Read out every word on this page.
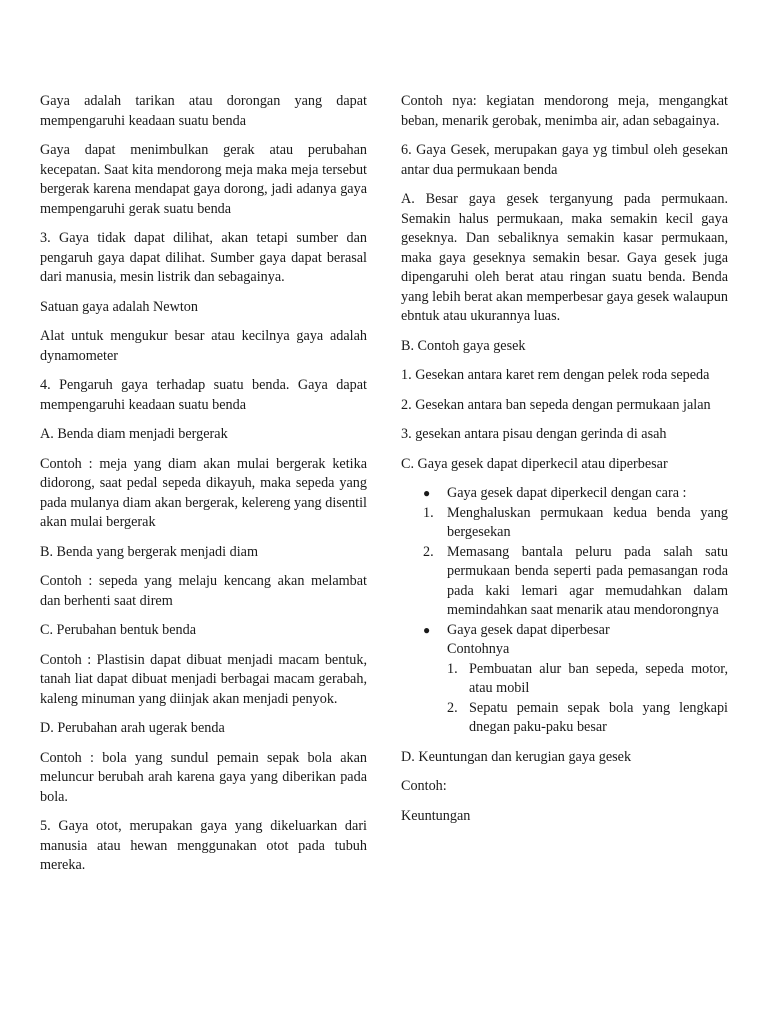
Gaya adalah tarikan atau dorongan yang dapat mempengaruhi keadaan suatu benda

Gaya dapat menimbulkan gerak atau perubahan kecepatan. Saat kita mendorong meja maka meja tersebut bergerak karena mendapat gaya dorong, jadi adanya gaya mempengaruhi gerak suatu benda

3. Gaya tidak dapat dilihat, akan tetapi sumber dan pengaruh gaya dapat dilihat. Sumber gaya dapat berasal dari manusia, mesin listrik dan sebagainya.

Satuan gaya adalah Newton

Alat untuk mengukur besar atau kecilnya gaya adalah dynamometer

4. Pengaruh gaya terhadap suatu benda. Gaya dapat mempengaruhi keadaan suatu benda

A. Benda diam menjadi bergerak

Contoh : meja yang diam akan mulai bergerak ketika didorong, saat pedal sepeda dikayuh, maka sepeda yang pada mulanya diam akan bergerak, kelereng yang disentil akan mulai bergerak

B. Benda yang bergerak menjadi diam

Contoh : sepeda yang melaju kencang akan melambat dan berhenti saat direm

C. Perubahan bentuk benda

Contoh : Plastisin dapat dibuat menjadi macam bentuk, tanah liat dapat dibuat menjadi berbagai macam gerabah, kaleng minuman yang diinjak akan menjadi penyok.

D. Perubahan arah ugerak benda

Contoh : bola yang sundul pemain sepak bola akan meluncur berubah arah karena gaya yang diberikan pada bola.

5. Gaya otot, merupakan gaya yang dikeluarkan dari manusia atau hewan menggunakan otot pada tubuh mereka.

Contoh nya: kegiatan mendorong meja, mengangkat beban, menarik gerobak, menimba air, adan sebagainya.

6. Gaya Gesek, merupakan gaya yg timbul oleh gesekan antar dua permukaan benda

A. Besar gaya gesek terganyung pada permukaan. Semakin halus permukaan, maka semakin kecil gaya geseknya. Dan sebaliknya semakin kasar permukaan, maka gaya geseknya semakin besar. Gaya gesek juga dipengaruhi oleh berat atau ringan suatu benda. Benda yang lebih berat akan memperbesar gaya gesek walaupun ebntuk atau ukurannya luas.

B. Contoh gaya gesek

1. Gesekan antara karet rem dengan pelek roda sepeda

2. Gesekan antara ban sepeda dengan permukaan jalan

3. gesekan antara pisau dengan gerinda di asah

C. Gaya gesek dapat diperkecil atau diperbesar

● Gaya gesek dapat diperkecil dengan cara :
1. Menghaluskan permukaan kedua benda yang bergesekan
2. Memasang bantala peluru pada salah satu permukaan benda seperti pada pemasangan roda pada kaki lemari agar memudahkan dalam memindahkan saat menarik atau mendorongnya
● Gaya gesek dapat diperbesar
Contohnya
1. Pembuatan alur ban sepeda, sepeda motor, atau mobil
2. Sepatu pemain sepak bola yang lengkapi dnegan paku-paku besar

D. Keuntungan dan kerugian gaya gesek

Contoh:

Keuntungan
